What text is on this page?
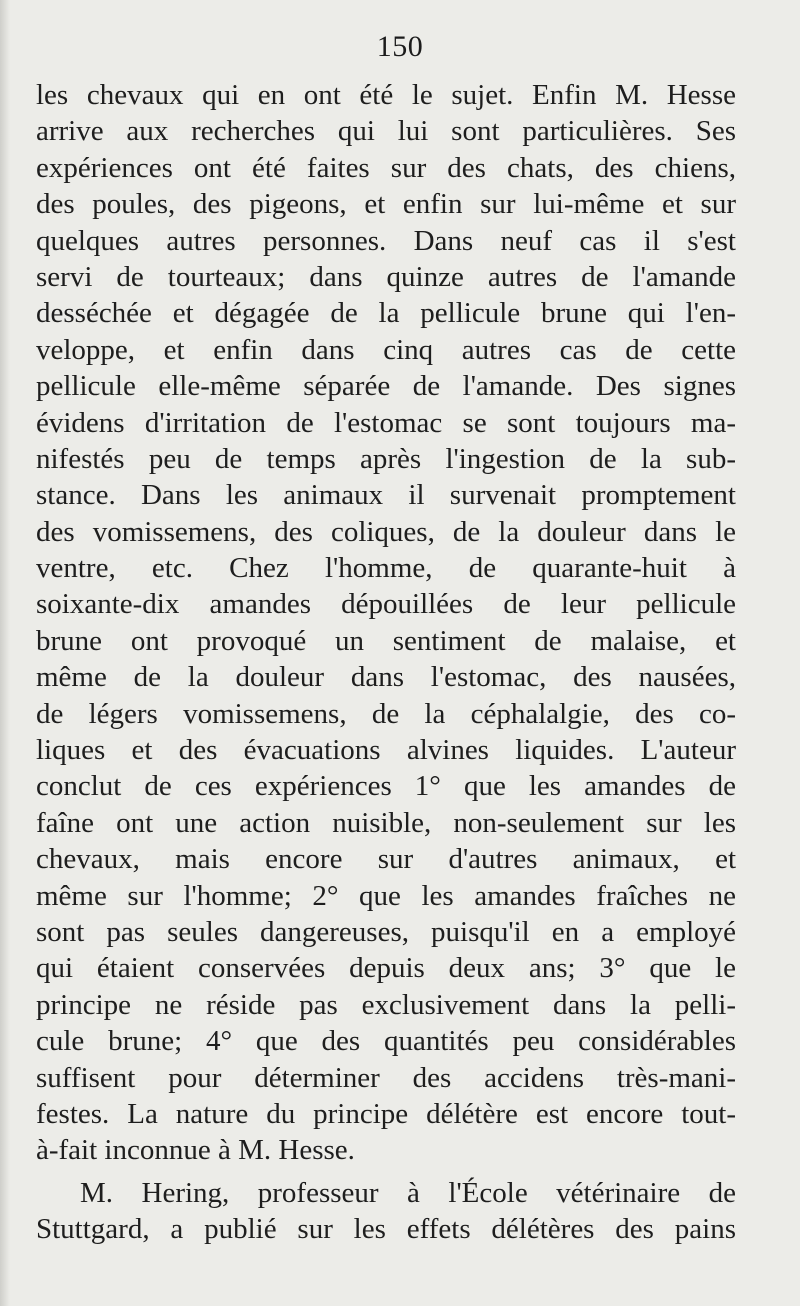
150
les chevaux qui en ont été le sujet. Enfin M. Hesse
arrive aux recherches qui lui sont particulières. Ses
expériences ont été faites sur des chats, des chiens,
des poules, des pigeons, et enfin sur lui-même et sur
quelques autres personnes. Dans neuf cas il s'est
servi de tourteaux; dans quinze autres de l'amande
desséchée et dégagée de la pellicule brune qui l'en-
veloppe, et enfin dans cinq autres cas de cette
pellicule elle-même séparée de l'amande. Des signes
évidens d'irritation de l'estomac se sont toujours ma-
nifestés peu de temps après l'ingestion de la sub-
stance. Dans les animaux il survenait promptement
des vomissemens, des coliques, de la douleur dans le
ventre, etc. Chez l'homme, de quarante-huit à
soixante-dix amandes dépouillées de leur pellicule
brune ont provoqué un sentiment de malaise, et
même de la douleur dans l'estomac, des nausées,
de légers vomissemens, de la céphalalgie, des co-
liques et des évacuations alvines liquides. L'auteur
conclut de ces expériences 1° que les amandes de
faîne ont une action nuisible, non-seulement sur les
chevaux, mais encore sur d'autres animaux, et
même sur l'homme; 2° que les amandes fraîches ne
sont pas seules dangereuses, puisqu'il en a employé
qui étaient conservées depuis deux ans; 3° que le
principe ne réside pas exclusivement dans la pelli-
cule brune; 4° que des quantités peu considérables
suffisent pour déterminer des accidens très-mani-
festes. La nature du principe délétère est encore tout-
à-fait inconnue à M. Hesse.
M. Hering, professeur à l'École vétérinaire de
Stuttgard, a publié sur les effets délétères des pains
